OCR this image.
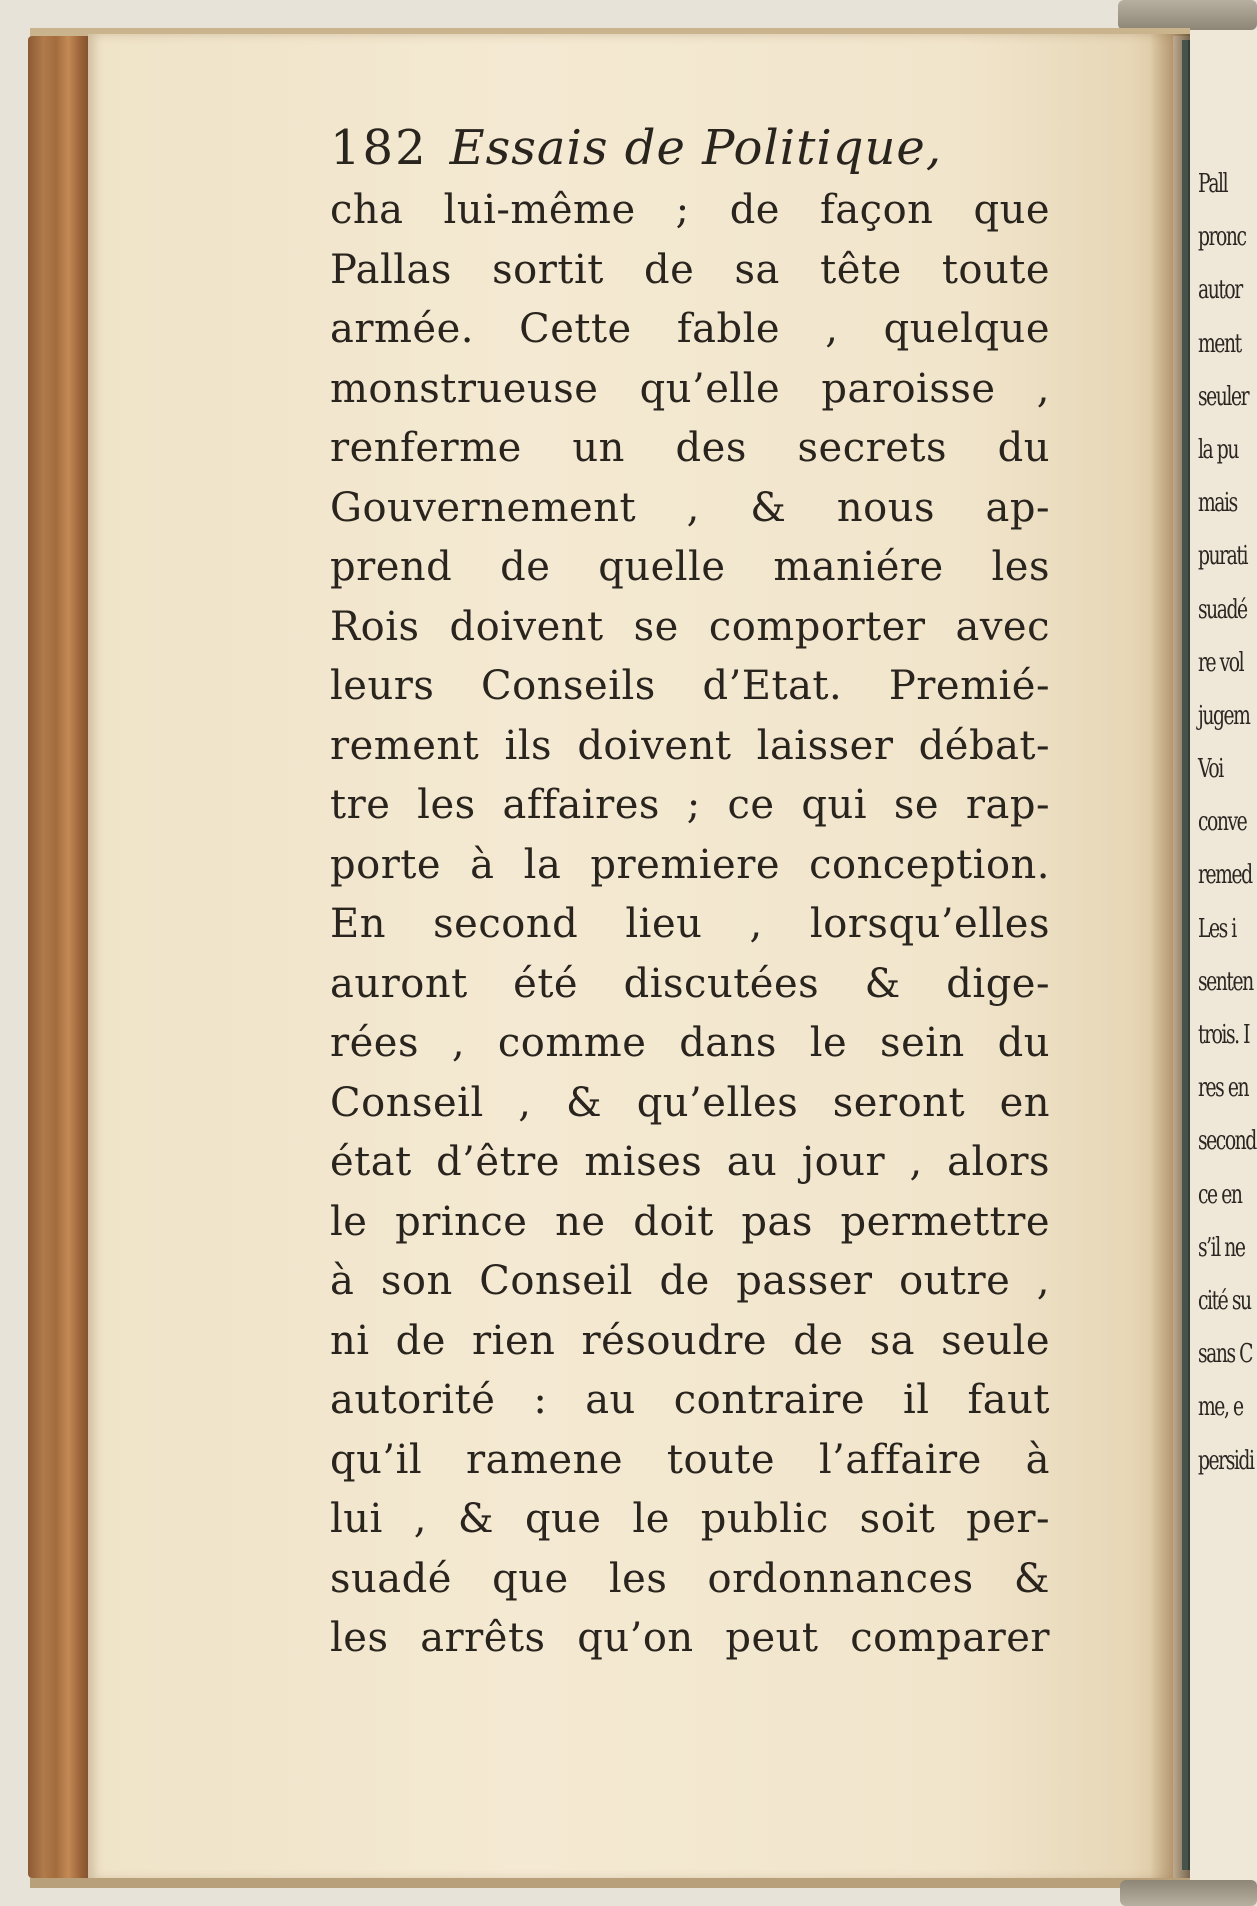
Pall
pronc
autor
ment
seuler
la pu
mais
purati
suadé
re vol
jugem
Voi
conve
remed
Les i
senten
trois. I
res en
second
ce en
s’il ne
cité su
sans C
me, e
persidi
182 Essais de Politique,
cha lui-même ; de façon que
Pallas sortit de sa tête toute
armée. Cette fable , quelque
monstrueuse qu’elle paroisse ,
renferme un des secrets du
Gouvernement , & nous ap-
prend de quelle maniére les
Rois doivent se comporter avec
leurs Conseils d’Etat. Premié-
rement ils doivent laisser débat-
tre les affaires ; ce qui se rap-
porte à la premiere conception.
En second lieu , lorsqu’elles
auront été discutées & dige-
rées , comme dans le sein du
Conseil , & qu’elles seront en
état d’être mises au jour , alors
le prince ne doit pas permettre
à son Conseil de passer outre ,
ni de rien résoudre de sa seule
autorité : au contraire il faut
qu’il ramene toute l’affaire à
lui , & que le public soit per-
suadé que les ordonnances &
les arrêts qu’on peut comparer
